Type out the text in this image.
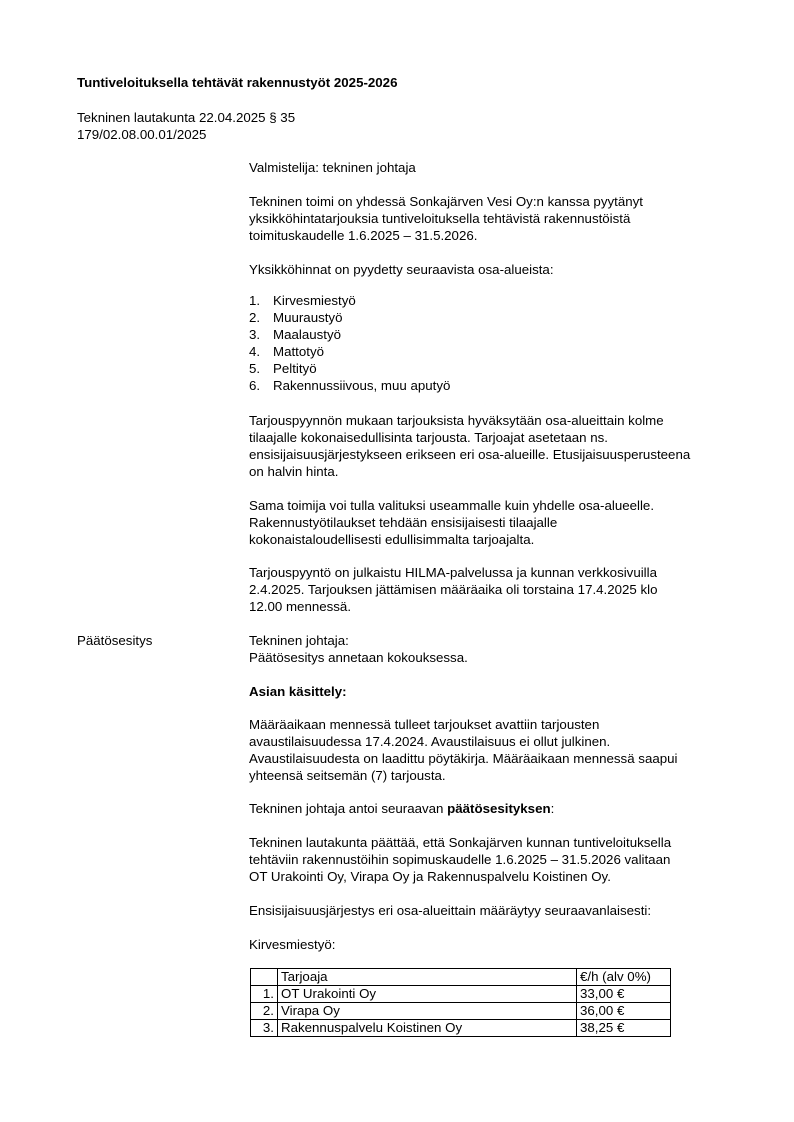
Tuntiveloituksella tehtävät rakennustyöt 2025-2026

Tekninen lautakunta 22.04.2025 § 35

179/02.08.00.01/2025

Valmistelija: tekninen johtaja

Tekninen toimi on yhdessä Sonkajärven Vesi Oy:n kanssa pyytänyt

yksikköhintatarjouksia tuntiveloituksella tehtävistä rakennustöistä

toimituskaudelle 1.6.2025 – 31.5.2026.

Yksikköhinnat on pyydetty seuraavista osa-alueista:

1. Kirvesmiestyö
2. Muuraustyö
3. Maalaustyö
4. Mattotyö
5. Peltityö
6. Rakennussiivous, muu aputyö

Tarjouspyynnön mukaan tarjouksista hyväksytään osa-alueittain kolme

tilaajalle kokonaisedullisinta tarjousta. Tarjoajat asetetaan ns.

ensisijaisuusjärjestykseen erikseen eri osa-alueille. Etusijaisuusperusteena

on halvin hinta.

Sama toimija voi tulla valituksi useammalle kuin yhdelle osa-alueelle.

Rakennustyötilaukset tehdään ensisijaisesti tilaajalle

kokonaistaloudellisesti edullisimmalta tarjoajalta.

Tarjouspyyntö on julkaistu HILMA-palvelussa ja kunnan verkkosivuilla

2.4.2025. Tarjouksen jättämisen määräaika oli torstaina 17.4.2025 klo

12.00 mennessä.

Päätösesitys	Tekninen johtaja:

Päätösesitys annetaan kokouksessa.

Asian käsittely:

Määräaikaan mennessä tulleet tarjoukset avattiin tarjousten

avaustilaisuudessa 17.4.2024. Avaustilaisuus ei ollut julkinen.

Avaustilaisuudesta on laadittu pöytäkirja. Määräaikaan mennessä saapui

yhteensä seitsemän (7) tarjousta.

Tekninen johtaja antoi seuraavan päätösesityksen:

Tekninen lautakunta päättää, että Sonkajärven kunnan tuntiveloituksella

tehtäviin rakennustöihin sopimuskaudelle 1.6.2025 – 31.5.2026 valitaan

OT Urakointi Oy, Virapa Oy ja Rakennuspalvelu Koistinen Oy.

Ensisijaisuusjärjestys eri osa-alueittain määräytyy seuraavanlaisesti:

Kirvesmiestyö:

	Tarjoaja	€/h (alv 0%)
1.	OT Urakointi Oy	33,00 €
2.	Virapa Oy	36,00 €
3.	Rakennuspalvelu Koistinen Oy	38,25 €
